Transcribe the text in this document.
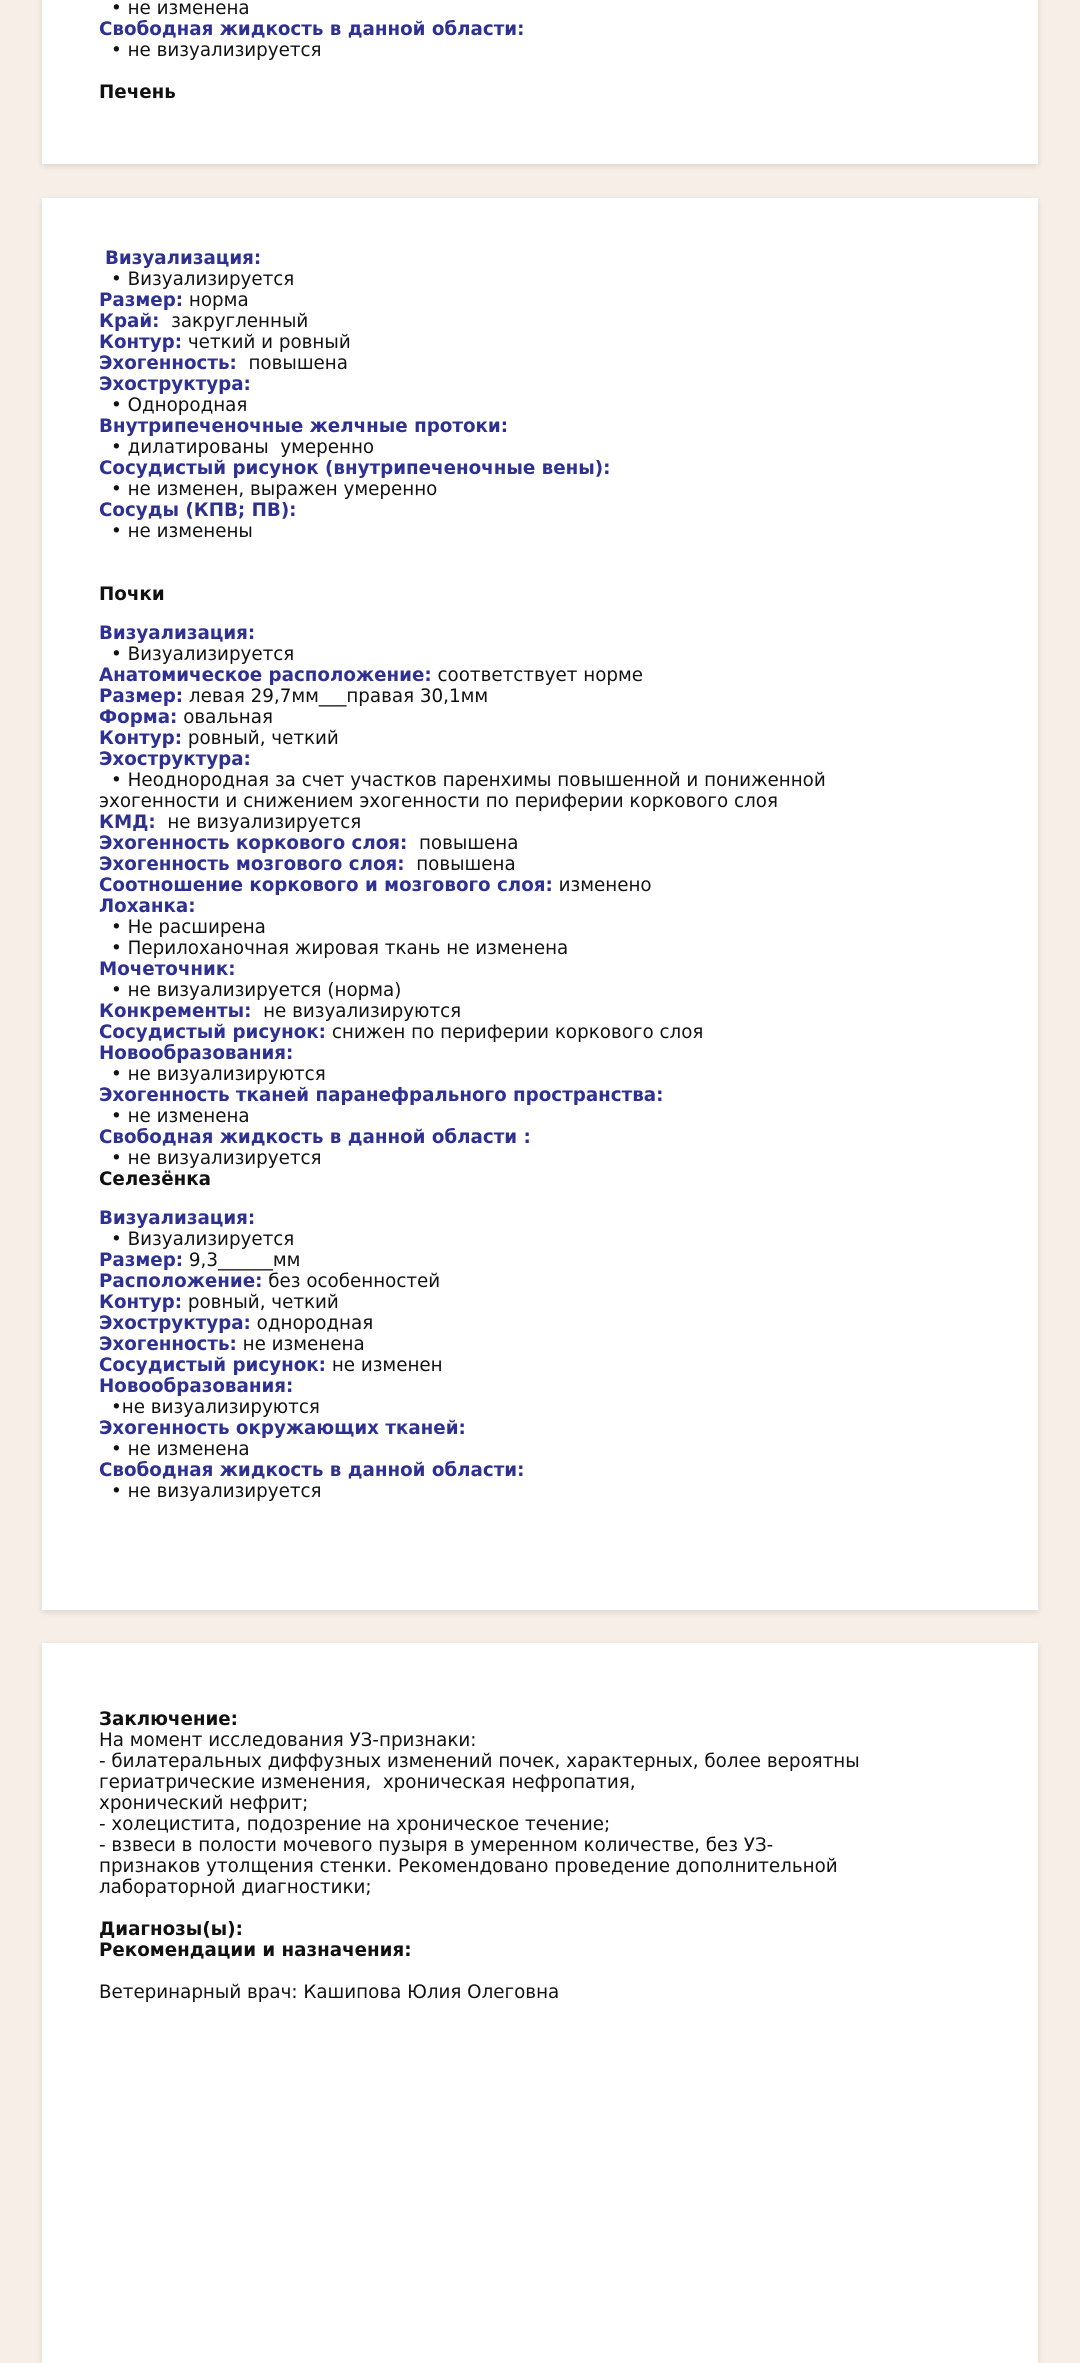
• не изменена
Свободная жидкость в данной области:
• не визуализируется
Печень
Визуализация:
• Визуализируется
Размер: норма
Край: закругленный
Контур: четкий и ровный
Эхогенность: повышена
Эхоструктура:
• Однородная
Внутрипеченочные желчные протоки:
• дилатированы  умеренно
Сосудистый рисунок (внутрипеченочные вены):
• не изменен, выражен умеренно
Сосуды (КПВ; ПВ):
• не изменены
Почки
Визуализация:
• Визуализируется
Анатомическое расположение: соответствует норме
Размер: левая 29,7мм___правая 30,1мм
Форма: овальная
Контур: ровный, четкий
Эхоструктура:
• Неоднородная за счет участков паренхимы повышенной и пониженной
эхогенности и снижением эхогенности по периферии коркового слоя
КМД: не визуализируется
Эхогенность коркового слоя: повышена
Эхогенность мозгового слоя: повышена
Соотношение коркового и мозгового слоя: изменено
Лоханка:
• Не расширена
• Перилоханочная жировая ткань не изменена
Мочеточник:
• не визуализируется (норма)
Конкременты: не визуализируются
Сосудистый рисунок: снижен по периферии коркового слоя
Новообразования:
• не визуализируются
Эхогенность тканей паранефрального пространства:
• не изменена
Свободная жидкость в данной области :
• не визуализируется
Селезёнка
Визуализация:
• Визуализируется
Размер: 9,3______мм
Расположение: без особенностей
Контур: ровный, четкий
Эхоструктура: однородная
Эхогенность: не изменена
Сосудистый рисунок: не изменен
Новообразования:
• не визуализируются
Эхогенность окружающих тканей:
• не изменена
Свободная жидкость в данной области:
• не визуализируется
Заключение:
На момент исследования УЗ-признаки:
- билатеральных диффузных изменений почек, характерных, более вероятны
гериатрические изменения,  хроническая нефропатия,
хронический нефрит;
- холецистита, подозрение на хроническое течение;
- взвеси в полости мочевого пузыря в умеренном количестве, без УЗ-
признаков утолщения стенки. Рекомендовано проведение дополнительной
лабораторной диагностики;
Диагнозы(ы):
Рекомендации и назначения:
Ветеринарный врач: Кашипова Юлия Олеговна
